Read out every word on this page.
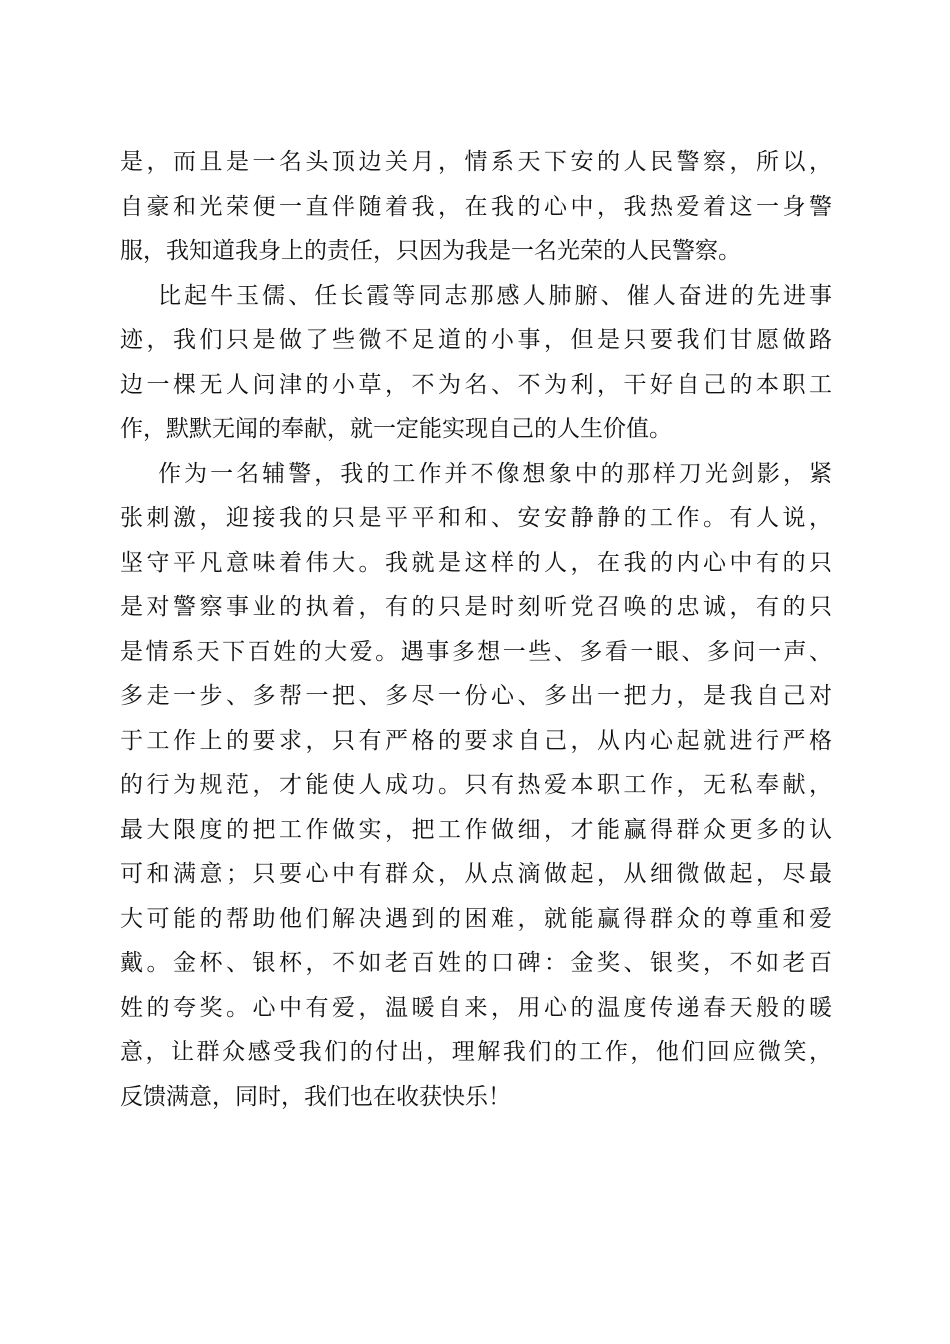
是，而且是一名头顶边关月，情系天下安的人民警察，所以，
自豪和光荣便一直伴随着我，在我的心中，我热爱着这一身警
服，我知道我身上的责任，只因为我是一名光荣的人民警察。
比起牛玉儒、任长霞等同志那感人肺腑、催人奋进的先进事
迹，我们只是做了些微不足道的小事，但是只要我们甘愿做路
边一棵无人问津的小草，不为名、不为利，干好自己的本职工
作，默默无闻的奉献，就一定能实现自己的人生价值。
作为一名辅警，我的工作并不像想象中的那样刀光剑影，紧
张刺激，迎接我的只是平平和和、安安静静的工作。有人说，
坚守平凡意味着伟大。我就是这样的人，在我的内心中有的只
是对警察事业的执着，有的只是时刻听党召唤的忠诚，有的只
是情系天下百姓的大爱。遇事多想一些、多看一眼、多问一声、
多走一步、多帮一把、多尽一份心、多出一把力，是我自己对
于工作上的要求，只有严格的要求自己，从内心起就进行严格
的行为规范，才能使人成功。只有热爱本职工作，无私奉献，
最大限度的把工作做实，把工作做细，才能赢得群众更多的认
可和满意；只要心中有群众，从点滴做起，从细微做起，尽最
大可能的帮助他们解决遇到的困难，就能赢得群众的尊重和爱
戴。金杯、银杯，不如老百姓的口碑：金奖、银奖，不如老百
姓的夸奖。心中有爱，温暖自来，用心的温度传递春天般的暖
意，让群众感受我们的付出，理解我们的工作，他们回应微笑，
反馈满意，同时，我们也在收获快乐！
